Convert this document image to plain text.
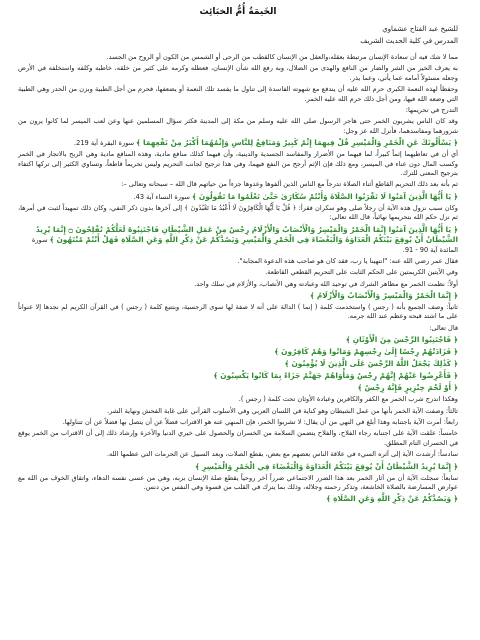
الخَيمَةُ أُمُّ الخبَائِث
للشيخ عبد الفتاح عشماوي
المدرس في كلية الحديث الشريف
مما لا شك فيه أن سعادة الإنسان مرتبطة بعقله،والعقل من الإنسان كالقطب من الرحى أو الشمس من الكون أو الروح من الجسد.
به يعرف الخير من الشر والضار من النافع والهدى من الضلال، وبه رفع الله شأن الإنسان، فعطله وكرمه على كثير من خلقه، خاطبه وكلفه واستخلفه في الأرض وجعله مسئولاً أمامه عما يأتي، وعما يذر.
وحفظاً لهذه النعمة الكبرى حرم الله عليه أن يندفع مع شهوته الفاسدة إلى تناول ما يفسد تلك النعمة أو يضعفها، فحرم من أجل الطبية وبزن من الحدر وهي الطبية التي وضعه الله فيها، ومن أجل ذلك حرم الله عليه الخمر.
التدرج في تحريمها:
وقد كان الناس يشربون الخمر حتى هاجر الرسول صلى الله عليه وسلم من مكة إلى المدينة فكثر سؤال المسلمين عنها وعن لعب الميسر لما كانوا يرون من شرورهما ومفاسدهما، فأنزل الله عز وجل:
﴿ يَسْأَلُونَكَ عَنِ الْخَمْرِ وَالْمَيْسِرِ قُلْ فِيهِمَا إِثْمٌ كَبِيرٌ وَمَنَافِعُ لِلنَّاسِ وَإِثْمُهُمَا أَكْبَرُ مِنْ نَفْعِهِمَا ﴾ سورة البقرة آية 219.
أي أن في تعاطيهما إثماً كبيراً، لما فيهما من الأضرار والمفاسد الجسدية والدينية، وأن فيهما كذلك منافع مادية، وهذه المنافع مادية وهي الربح بالاتجار في الخمر وكسب المال دون عناء في الميسر، ومع ذلك فإن الإثم أرجح من النفع فيهما، وفي هذا ترجيح لجانب التحريم وليس تحريماً قاطعاً، وتساوي الكثير إلى تركها اكتفاء بترجيح المعنى للترك.
ثم بأنه بعد ذلك التحريم القاطع أثناء الصلاة تدرجاً مع الناس الذين ألفوها وعدوها جزءاً من حياتهم قال الله – سبحانه وتعالى –:
﴿ يَا أَيُّهَا الَّذِينَ آمَنُوا لَا تَقْرَبُوا الصَّلَاةَ وَأَنْتُمْ سُكَارَىٰ حَتَّىٰ تَعْلَمُوا مَا تَقُولُونَ ﴾ سورة النساء آية 43.
وكان سبب نزول هذه الآية أن رجلاً صلى وهو سكران فقرأ: ﴿ قُلْ يَا أَيُّهَا الْكَافِرُونَ لَا أَعْبُدُ مَا تَعْبُدُونَ ﴾ إلى آخرها بدون ذكر النفي، وكان ذلك تمهيداً لثبت في أمرها، ثم نزل حكم الله بتحريمها نهائياً، قال الله تعالى:
﴿ يَا أَيُّهَا الَّذِينَ آمَنُوا إِنَّمَا الْخَمْرُ وَالْمَيْسِرُ وَالْأَنْصَابُ وَالْأَزْلَامُ رِجْسٌ مِنْ عَمَلِ الشَّيْطَانِ فَاجْتَنِبُوهُ لَعَلَّكُمْ تُفْلِحُونَ ۝ إِنَّمَا يُرِيدُ الشَّيْطَانُ أَنْ يُوقِعَ بَيْنَكُمُ الْعَدَاوَةَ وَالْبَغْضَاءَ فِي الْخَمْرِ وَالْمَيْسِرِ وَيَصُدَّكُمْ عَنْ ذِكْرِ اللَّهِ وَعَنِ الصَّلَاةِ فَهَلْ أَنْتُمْ مُنْتَهُونَ ﴾ سورة المائدة آية 90 - 91.
فقال عمر رضي الله عنه: "انتهينا يا رب، فقد كان هو صاحب هذه الدعوة المجابة".
وفي الآيتين الكريمتين على الحكم الثابت على التحريم القطعي القاطعة.
أولاً: نظمت الخمر مع مظاهر الشرك في توحيد الله وعبادته وهي الأنصاب، والأزلام في سلك واحد.
﴿ إِنَّمَا الْخَمْرُ وَالْمَيْسِرُ وَالْأَنْصَابُ وَالْأَزْلَامُ ﴾
ثانياً: وصف الجميع بأنه ( رجس ) واستخدمت كلمة ( إنما ) الدالة على أنه لا صفة لها سوى الرجسية، وبتتبع كلمة ( رجس ) في القرآن الكريم لم نجدها إلا عنواناً على ما اشتد قبحه وعظم عند الله جرمه.
قال تعالى:
﴿ فَاجْتَنِبُوا الرِّجْسَ مِنَ الْأَوْثَانِ ﴾
﴿ فَزَادَتْهُمْ رِجْسًا إِلَىٰ رِجْسِهِمْ وَمَاتُوا وَهُمْ كَافِرُونَ ﴾
﴿ كَذَٰلِكَ يَجْعَلُ اللَّهُ الرِّجْسَ عَلَى الَّذِينَ لَا يُؤْمِنُونَ ﴾
﴿ فَأَعْرِضُوا عَنْهُمْ إِنَّهُمْ رِجْسٌ وَمَأْوَاهُمْ جَهَنَّمُ جَزَاءً بِمَا كَانُوا يَكْسِبُونَ ﴾
﴿ أَوْ لَحْمَ خِنْزِيرٍ فَإِنَّهُ رِجْسٌ ﴾
وهكذا اندرج شرب الخمر مع الكفر والكافرين وعبادة الأوثان تحت كلمة ( رجس ).
ثالثاً: وصفت الآية الخمر بأنها من عمل الشيطان وهو كناية في اللسان العربي وفي الأسلوب القرآني على غاية الفحش ونهاية الشر.
رابعاً: أمرت الآية باجتنابه وهذا أبلغ في النهي من أن يقال: لا تشربوا الخمر، فإن المنهي عنه هو الاقتراب فضلاً عن أن يتصل بها فضلاً عن أن تتناولها.
خامساً: علقت الآية على اجتنابه رجاء الفلاح، والفلاح يتضمن السلامة من الخسران والحصول على خيري الدنيا والآخرة وإرشاد ذلك إلى أن الاقتراب من الخمر يوقع في الخسران التام المطلق.
سادساً: أرشدت الآية إلى آثره السيء في علاقة الناس بعضهم مع بعض، بقطع الصلات، وبعد السبيل عن الحرمات التي عظمها الله.
﴿ إِنَّمَا يُرِيدُ الشَّيْطَانُ أَنْ يُوقِعَ بَيْنَكُمُ الْعَدَاوَةَ وَالْبَغْضَاءَ فِي الْخَمْرِ وَالْمَيْسِرِ ﴾
سابعاً: سجلت الآية أن من آثار الخمر بعد هذا الضرر الاجتماعي ضرراً آخر روحياً يقطع صلة الإنسان بربه، وهي من عسى نفسه الدهاء، واتقاق الخوف من الله مع عوارض المسارضة بالصلاة الخاشعة، وتذكر رحمته وجلاله، وذلك بما يترك في القلب من قسوة وفي النفس من دنس.
﴿ وَيَصُدَّكُمْ عَنْ ذِكْرِ اللَّهِ وَعَنِ الصَّلَاةِ ﴾
